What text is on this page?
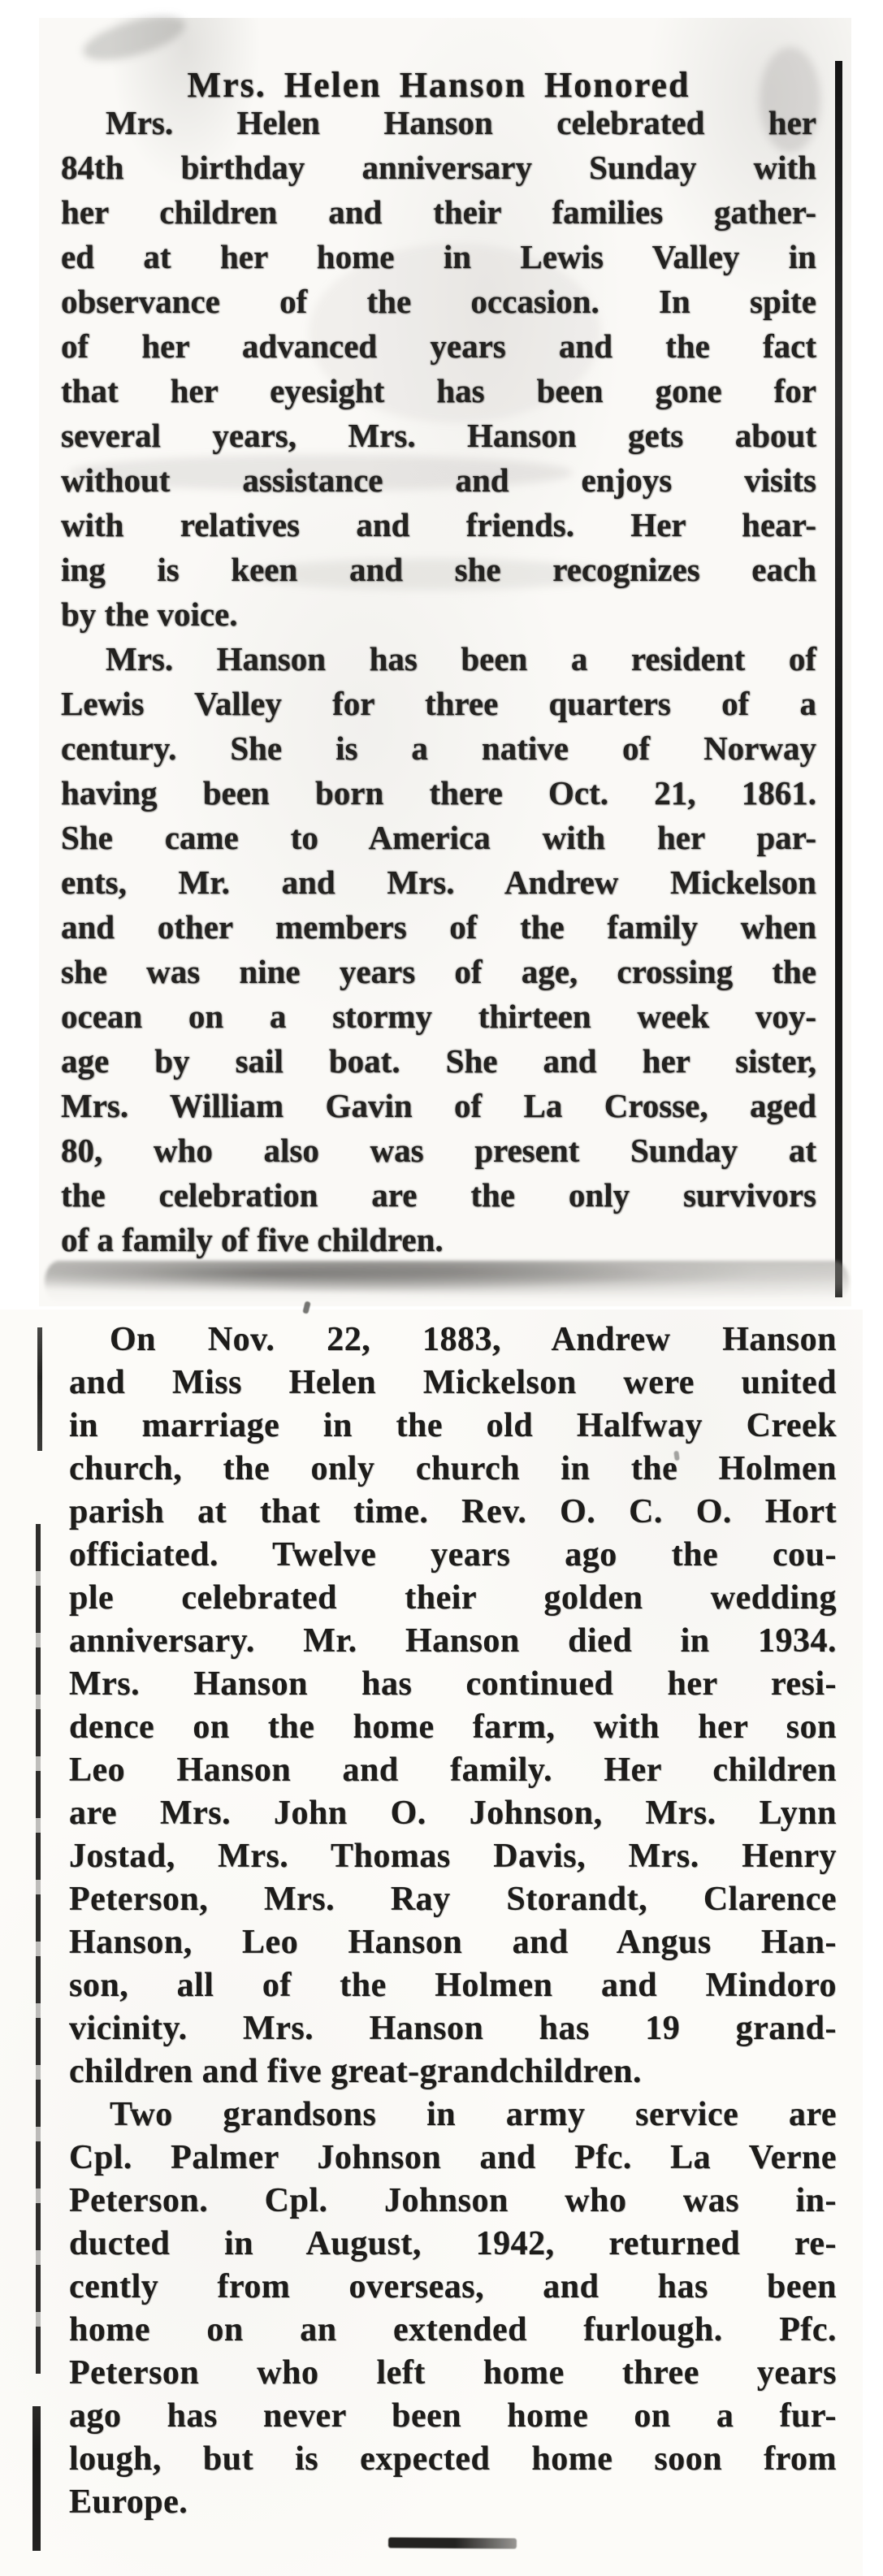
Mrs. Helen Hanson Honored
Mrs. Helen Hanson celebrated her
84th birthday anniversary Sunday with
her children and their families gather-
ed at her home in Lewis Valley in
observance of the occasion. In spite
of her advanced years and the fact
that her eyesight has been gone for
several years, Mrs. Hanson gets about
without assistance and enjoys visits
with relatives and friends. Her hear-
ing is keen and she recognizes each
by the voice.
Mrs. Hanson has been a resident of
Lewis Valley for three quarters of a
century. She is a native of Norway
having been born there Oct. 21, 1861.
She came to America with her par-
ents, Mr. and Mrs. Andrew Mickelson
and other members of the family when
she was nine years of age, crossing the
ocean on a stormy thirteen week voy-
age by sail boat. She and her sister,
Mrs. William Gavin of La Crosse, aged
80, who also was present Sunday at
the celebration are the only survivors
of a family of five children.
On Nov. 22, 1883, Andrew Hanson
and Miss Helen Mickelson were united
in marriage in the old Halfway Creek
church, the only church in the Holmen
parish at that time. Rev. O. C. O. Hort
officiated. Twelve years ago the cou-
ple celebrated their golden wedding
anniversary. Mr. Hanson died in 1934.
Mrs. Hanson has continued her resi-
dence on the home farm, with her son
Leo Hanson and family. Her children
are Mrs. John O. Johnson, Mrs. Lynn
Jostad, Mrs. Thomas Davis, Mrs. Henry
Peterson, Mrs. Ray Storandt, Clarence
Hanson, Leo Hanson and Angus Han-
son, all of the Holmen and Mindoro
vicinity. Mrs. Hanson has 19 grand-
children and five great-grandchildren.
Two grandsons in army service are
Cpl. Palmer Johnson and Pfc. La Verne
Peterson. Cpl. Johnson who was in-
ducted in August, 1942, returned re-
cently from overseas, and has been
home on an extended furlough. Pfc.
Peterson who left home three years
ago has never been home on a fur-
lough, but is expected home soon from
Europe.
